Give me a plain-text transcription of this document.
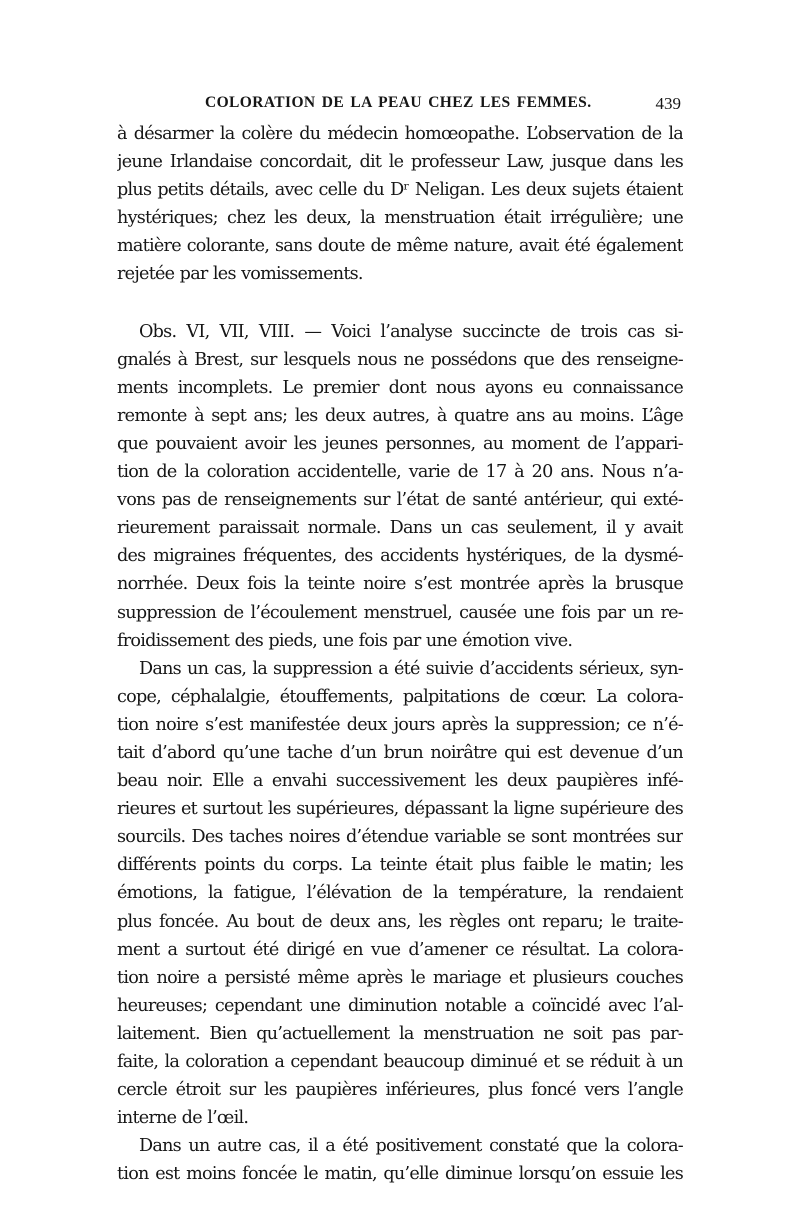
COLORATION DE LA PEAU CHEZ LES FEMMES.	439
à désarmer la colère du médecin homœopathe. L’observation de la
jeune Irlandaise concordait, dit le professeur Law, jusque dans les
plus petits détails, avec celle du Dʳ Neligan. Les deux sujets étaient
hystériques; chez les deux, la menstruation était irrégulière; une
matière colorante, sans doute de même nature, avait été également
rejetée par les vomissements.
Obs. VI, VII, VIII. — Voici l’analyse succincte de trois cas si-
gnalés à Brest, sur lesquels nous ne possédons que des renseigne-
ments incomplets. Le premier dont nous ayons eu connaissance
remonte à sept ans; les deux autres, à quatre ans au moins. L’âge
que pouvaient avoir les jeunes personnes, au moment de l’appari-
tion de la coloration accidentelle, varie de 17 à 20 ans. Nous n’a-
vons pas de renseignements sur l’état de santé antérieur, qui exté-
rieurement paraissait normale. Dans un cas seulement, il y avait
des migraines fréquentes, des accidents hystériques, de la dysmé-
norrhée. Deux fois la teinte noire s’est montrée après la brusque
suppression de l’écoulement menstruel, causée une fois par un re-
froidissement des pieds, une fois par une émotion vive.
Dans un cas, la suppression a été suivie d’accidents sérieux, syn-
cope, céphalalgie, étouffements, palpitations de cœur. La colora-
tion noire s’est manifestée deux jours après la suppression; ce n’é-
tait d’abord qu’une tache d’un brun noirâtre qui est devenue d’un
beau noir. Elle a envahi successivement les deux paupières infé-
rieures et surtout les supérieures, dépassant la ligne supérieure des
sourcils. Des taches noires d’étendue variable se sont montrées sur
différents points du corps. La teinte était plus faible le matin; les
émotions, la fatigue, l’élévation de la température, la rendaient
plus foncée. Au bout de deux ans, les règles ont reparu; le traite-
ment a surtout été dirigé en vue d’amener ce résultat. La colora-
tion noire a persisté même après le mariage et plusieurs couches
heureuses; cependant une diminution notable a coïncidé avec l’al-
laitement. Bien qu’actuellement la menstruation ne soit pas par-
faite, la coloration a cependant beaucoup diminué et se réduit à un
cercle étroit sur les paupières inférieures, plus foncé vers l’angle
interne de l’œil.
Dans un autre cas, il a été positivement constaté que la colora-
tion est moins foncée le matin, qu’elle diminue lorsqu’on essuie les
